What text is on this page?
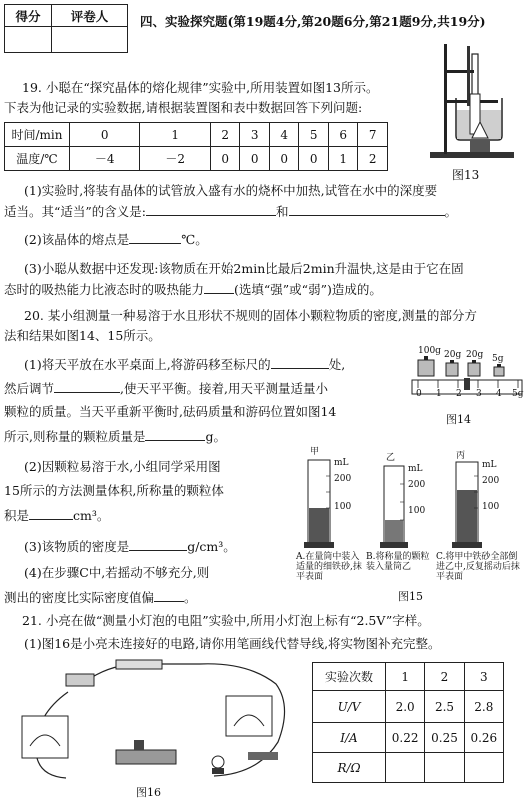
得分	评卷人
		四、实验探究题(第19题4分,第20题6分,第21题9分,共19分)
19. 小聪在“探究晶体的熔化规律”实验中,所用装置如图13所示。
下表为他记录的实验数据,请根据装置图和表中数据回答下列问题:
时间/min	0	1	2	3	4	5	6	7
温度/℃	－4	－2	0	0	0	0	1	2
图13
(1)实验时,将装有晶体的试管放入盛有水的烧杯中加热,试管在水中的深度要
适当。其“适当”的含义是:	和	。
(2)该晶体的熔点是	℃。
(3)小聪从数据中还发现:该物质在开始2min比最后2min升温快,这是由于它在固
态时的吸热能力比液态时的吸热能力 (选填“强”或“弱”)造成的。
20. 某小组测量一种易溶于水且形状不规则的固体小颗粒物质的密度,测量的部分方
法和结果如图14、15所示。
(1)将天平放在水平桌面上,将游码移至标尺的	处,
然后调节	,使天平平衡。接着,用天平测量适量小
颗粒的质量。当天平重新平衡时,砝码质量和游码位置如图14
所示,则称量的颗粒质量是	g。
(2)因颗粒易溶于水,小组同学采用图
15所示的方法测量体积,所称量的颗粒体
积是	cm³。
(3)该物质的密度是	g/cm³。
(4)在步骤C中,若摇动不够充分,则
测出的密度比实际密度值偏 。
100g 20g 20g 5g
0 1 2 3 4 5g
图14
甲
乙	丙
mL
200
100
mL
200
100
mL
200
100
A.在量筒中装入适量的细铁砂,抹平表面
B.将称量的颗粒装入量筒乙
C.将甲中铁砂全部倒进乙中,反复摇动后抹平表面
图15
21. 小亮在做“测量小灯泡的电阻”实验中,所用小灯泡上标有“2.5V”字样。
(1)图16是小亮未连接好的电路,请你用笔画线代替导线,将实物图补充完整。
图16
实验次数	1	2	3
U/V	2.0	2.5	2.8
I/A	0.22	0.25	0.26
R/Ω			
